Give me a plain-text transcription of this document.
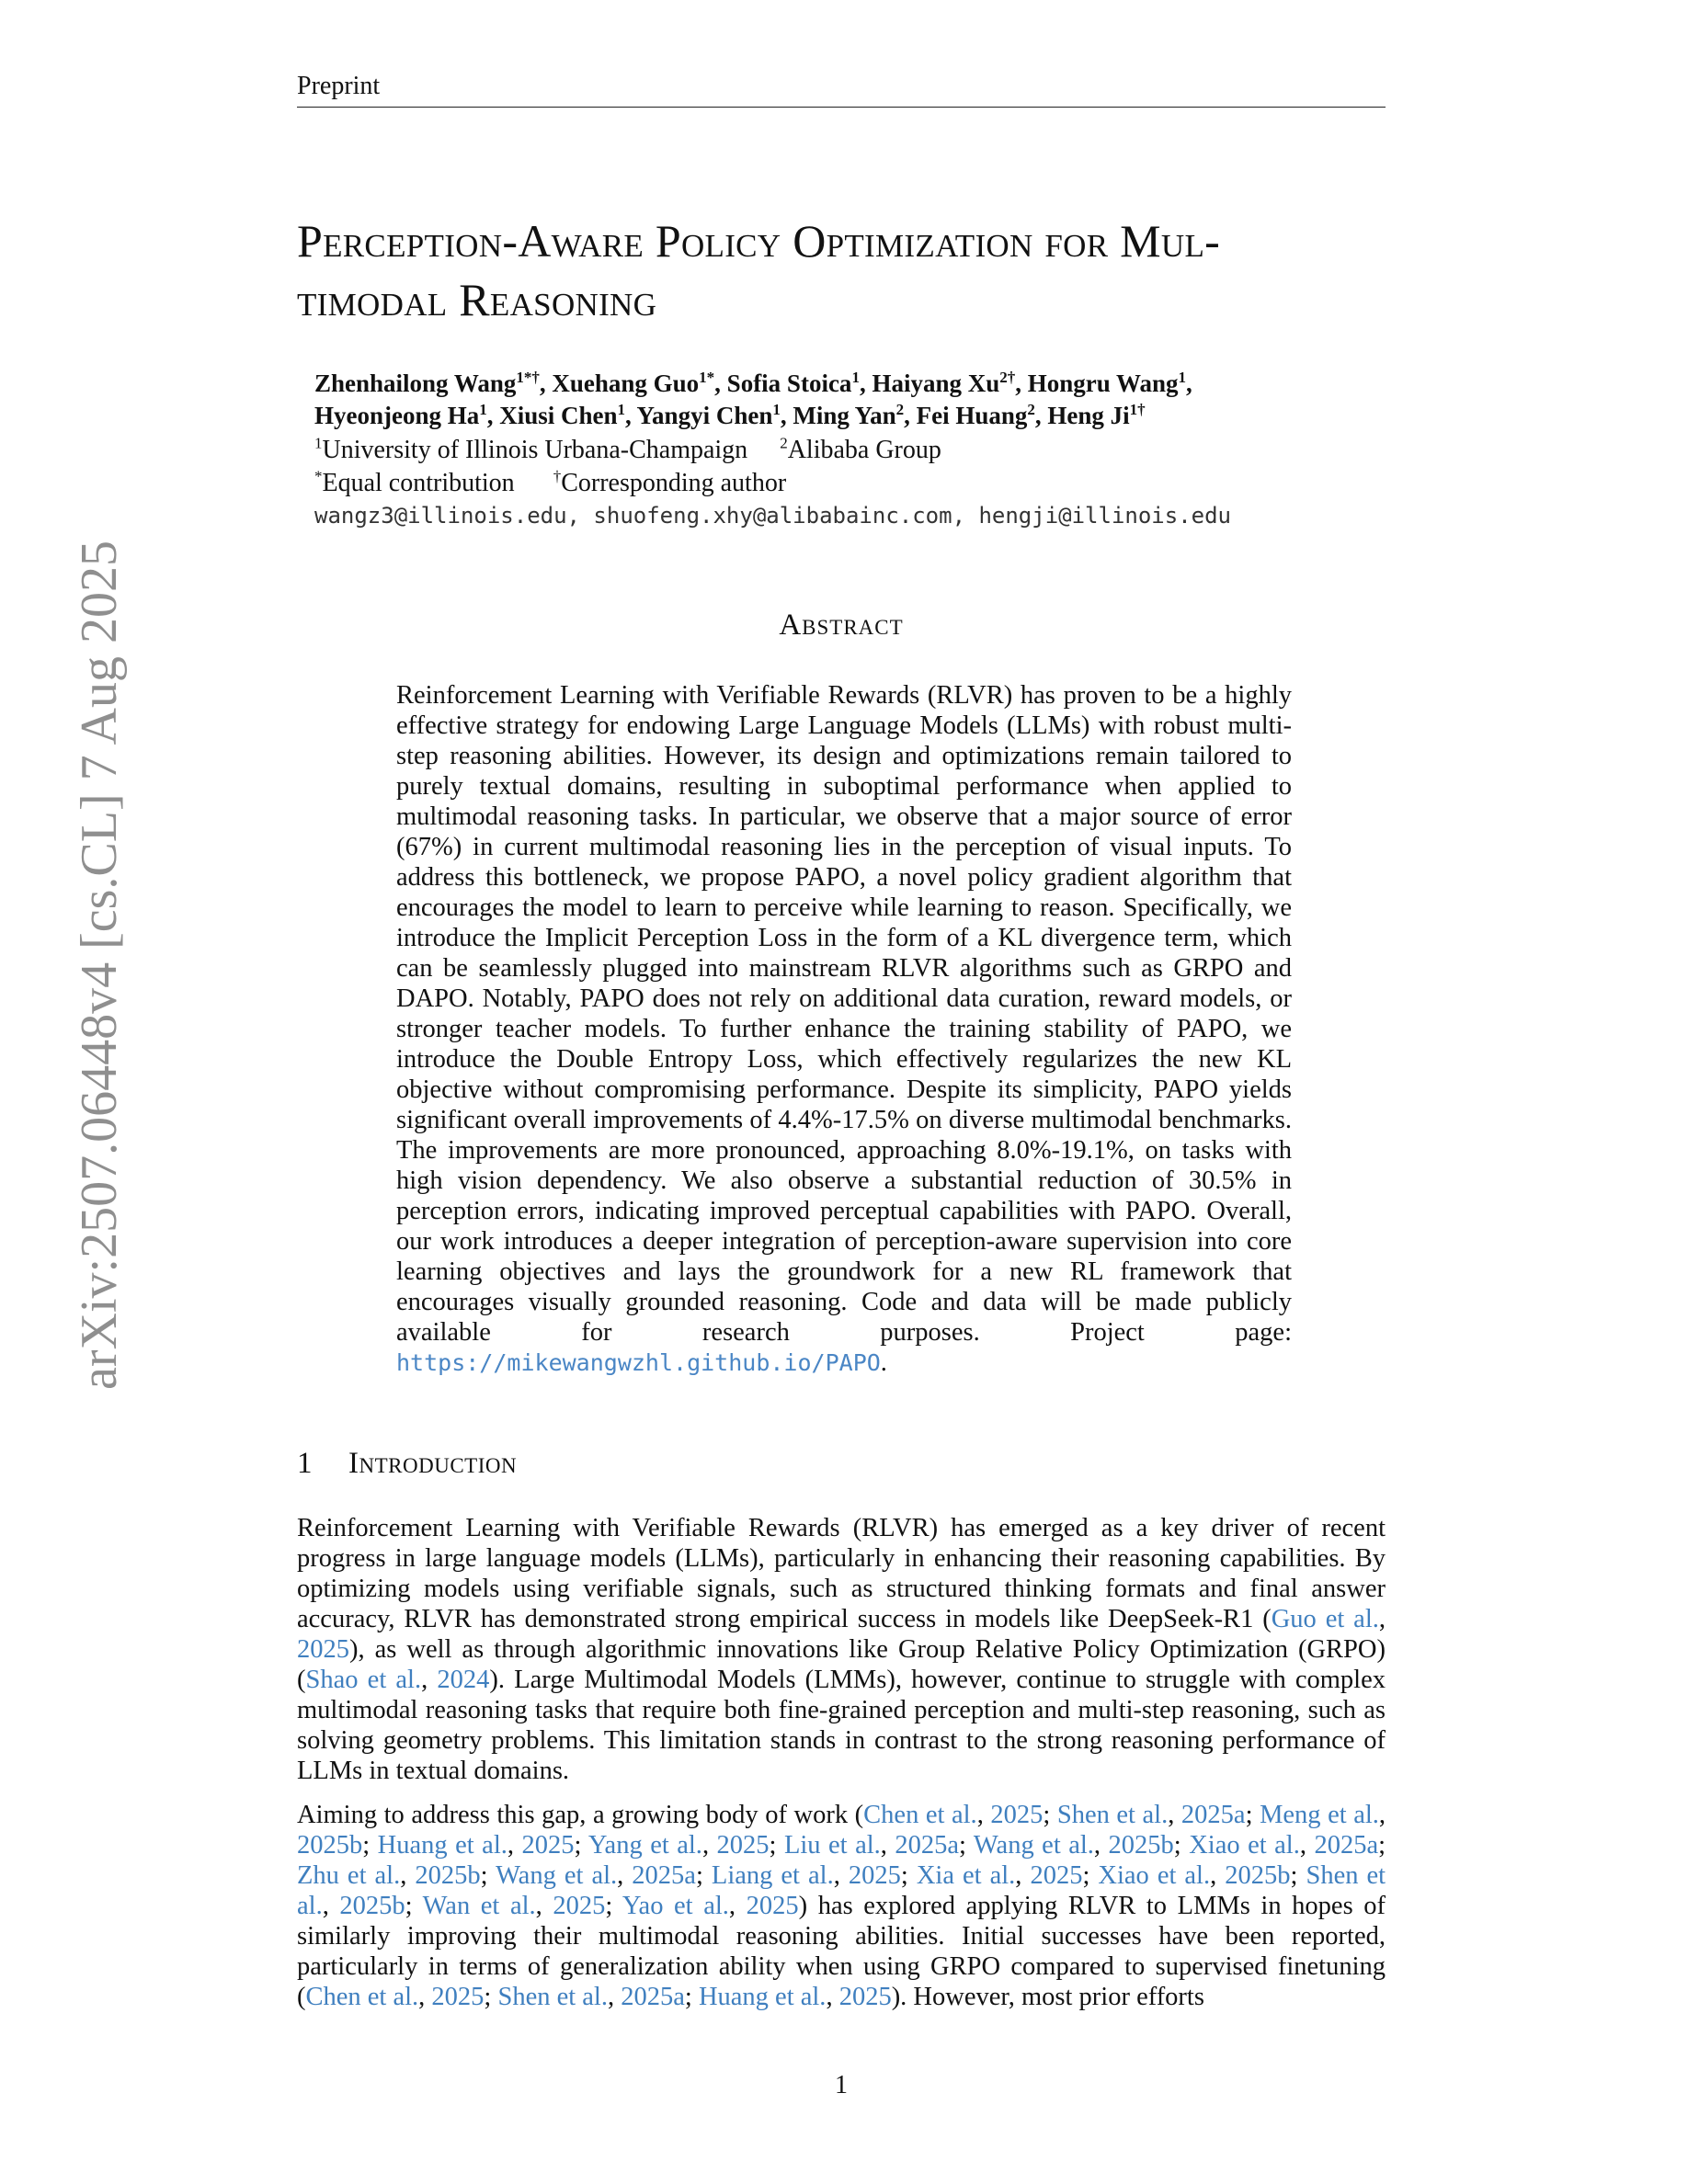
arXiv:2507.06448v4 [cs.CL] 7 Aug 2025
Preprint
Perception-Aware Policy Optimization for Mul-
timodal Reasoning
Zhenhailong Wang$^{1*\dagger}$, Xuehang Guo$^{1*}$, Sofia Stoica$^1$, Haiyang $Xu^{2\dagger}$, Hongru Wang$^1$,
Hyeonjeong Ha$^1$, Xiusi Chen$^1$, Yangyi Chen$^1$, Ming Yan$^2$, Fei Huang$^2$, Heng $Ji^{1\dagger}$
$^1$University of Illinois Urbana-Champaign $^2$Alibaba Group
*Equal contribution †Corresponding author
wangz3@illinois.edu, shuofeng.xhy@alibabainc.com, hengji@illinois.edu
Abstract
Reinforcement Learning with Verifiable Rewards (RLVR) has proven to be a highly effective strategy for endowing Large Language Models (LLMs) with robust multi-step reasoning abilities. However, its design and optimizations remain tailored to purely textual domains, resulting in suboptimal performance when applied to multimodal reasoning tasks. In particular, we observe that a major source of error (67%) in current multimodal reasoning lies in the perception of visual inputs. To address this bottleneck, we propose PAPO, a novel policy gradient algorithm that encourages the model to learn to perceive while learning to reason. Specifically, we introduce the Implicit Perception Loss in the form of a KL divergence term, which can be seamlessly plugged into mainstream RLVR algorithms such as GRPO and DAPO. Notably, PAPO does not rely on additional data curation, reward models, or stronger teacher models. To further enhance the training stability of PAPO, we introduce the Double Entropy Loss, which effectively regularizes the new KL objective without compromising performance. Despite its simplicity, PAPO yields significant overall improvements of 4.4%-17.5% on diverse multimodal benchmarks. The improvements are more pronounced, approaching 8.0%-19.1%, on tasks with high vision dependency. We also observe a substantial reduction of 30.5% in perception errors, indicating improved perceptual capabilities with PAPO. Overall, our work introduces a deeper integration of perception-aware supervision into core learning objectives and lays the groundwork for a new RL framework that encourages visually grounded reasoning. Code and data will be made publicly available for research purposes. Project page: https://mikewangwzhl.github.io/PAPO.
1 Introduction
Reinforcement Learning with Verifiable Rewards (RLVR) has emerged as a key driver of recent progress in large language models (LLMs), particularly in enhancing their reasoning capabilities. By optimizing models using verifiable signals, such as structured thinking formats and final answer accuracy, RLVR has demonstrated strong empirical success in models like DeepSeek-R1 (Guo et al., 2025), as well as through algorithmic innovations like Group Relative Policy Optimization (GRPO) (Shao et al., 2024). Large Multimodal Models (LMMs), however, continue to struggle with complex multimodal reasoning tasks that require both fine-grained perception and multi-step reasoning, such as solving geometry problems. This limitation stands in contrast to the strong reasoning performance of LLMs in textual domains.
Aiming to address this gap, a growing body of work (Chen et al., 2025; Shen et al., 2025a; Meng et al., 2025b; Huang et al., 2025; Yang et al., 2025; Liu et al., 2025a; Wang et al., 2025b; Xiao et al., 2025a; Zhu et al., 2025b; Wang et al., 2025a; Liang et al., 2025; Xia et al., 2025; Xiao et al., 2025b; Shen et al., 2025b; Wan et al., 2025; Yao et al., 2025) has explored applying RLVR to LMMs in hopes of similarly improving their multimodal reasoning abilities. Initial successes have been reported, particularly in terms of generalization ability when using GRPO compared to supervised finetuning (Chen et al., 2025; Shen et al., 2025a; Huang et al., 2025). However, most prior efforts
1
